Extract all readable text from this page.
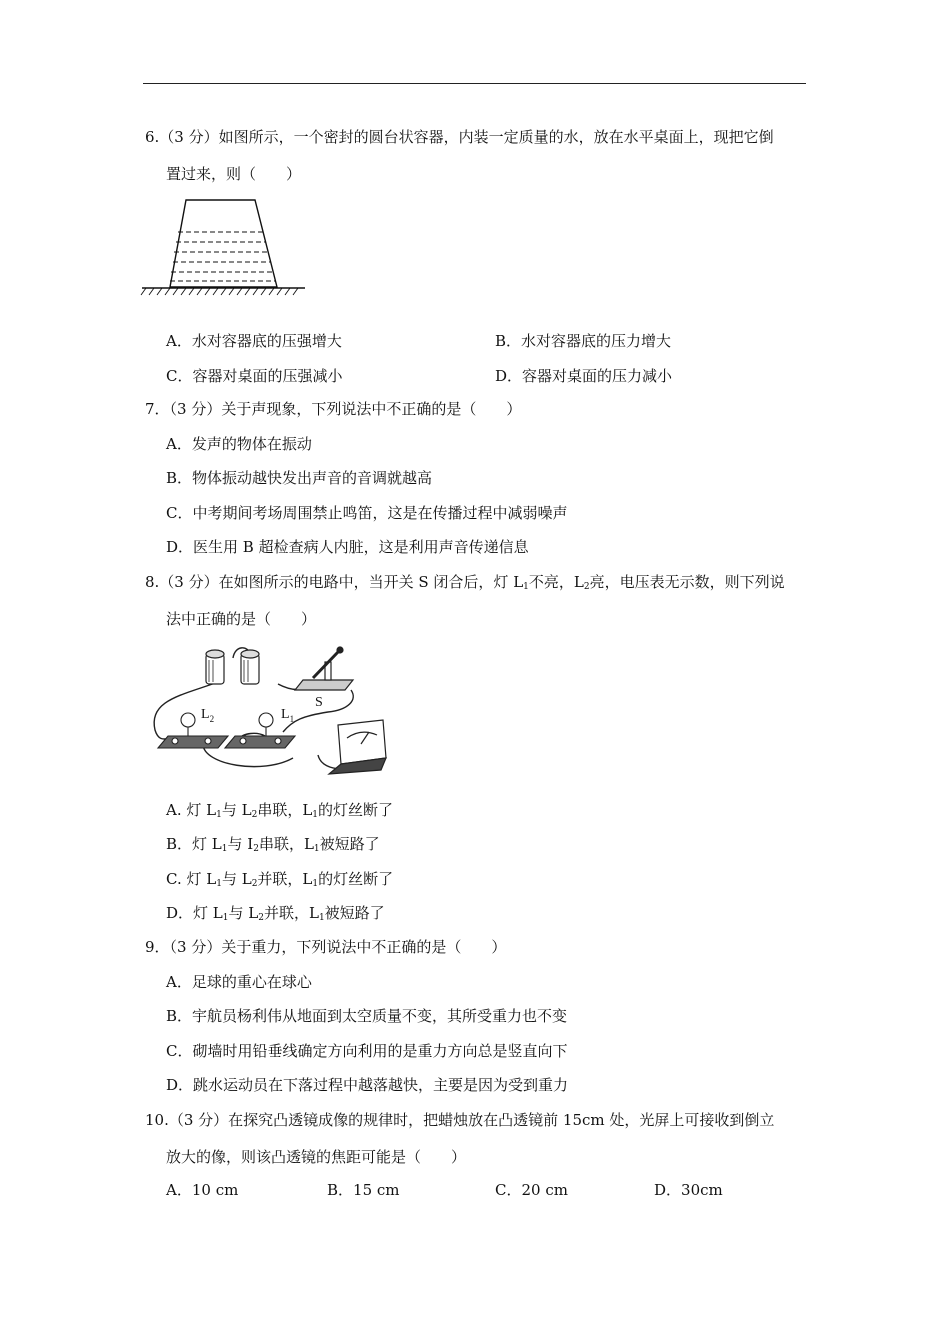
6.（3 分）如图所示，一个密封的圆台状容器，内装一定质量的水，放在水平桌面上，现把它倒
置过来，则（　　）
A．水对容器底的压强增大	B．水对容器底的压力增大
C．容器对桌面的压强减小	D．容器对桌面的压力减小
7．（3 分）关于声现象，下列说法中不正确的是（　　）
A．发声的物体在振动
B．物体振动越快发出声音的音调就越高
C．中考期间考场周围禁止鸣笛，这是在传播过程中减弱噪声
D．医生用 B 超检查病人内脏，这是利用声音传递信息
8.（3 分）在如图所示的电路中，当开关 S 闭合后，灯 $L_1$不亮，$L_2$亮，电压表无示数，则下列说
法中正确的是（　　）
S
$L_2$	$L_1$
A. 灯 $L_1$与 $L_2$串联，$L_1$的灯丝断了
B．灯 $L_1$与 $I_2$串联，$L_1$被短路了
C. 灯 $L_1$与 $L_2$并联，$L_1$的灯丝断了
D．灯 $L_1$与 $L_2$并联，$L_1$被短路了
9．（3 分）关于重力，下列说法中不正确的是（　　）
A．足球的重心在球心
B．宇航员杨利伟从地面到太空质量不变，其所受重力也不变
C．砌墙时用铅垂线确定方向利用的是重力方向总是竖直向下
D．跳水运动员在下落过程中越落越快，主要是因为受到重力
10.（3 分）在探究凸透镜成像的规律时，把蜡烛放在凸透镜前 15cm 处，光屏上可接收到倒立
放大的像，则该凸透镜的焦距可能是（　　）
A．10 cm	B．15 cm	C．20 cm	D．30cm
